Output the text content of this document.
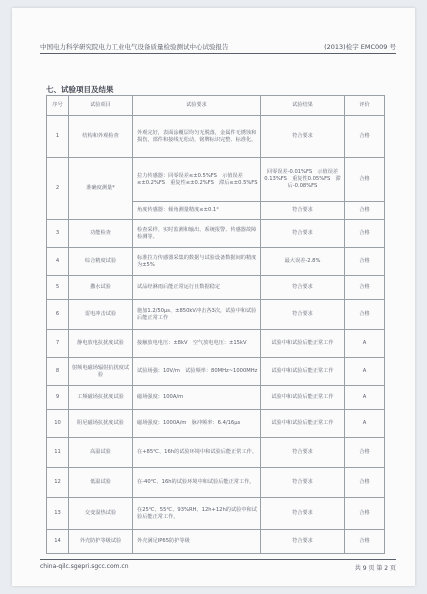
中国电力科学研究院电力工业电气设备质量检验测试中心试验报告	(2013)检字 EMC009 号
七、试验项目及结果
序号	试验项目	试验要求	试验结果	评价
1	结构和外观检查	外观完好，表面涂覆层均匀无脱落，金属件无锈蚀和损伤，部件和接线无松动，铭牌标识完整、标准化。	符合要求	合格
2	准确度测量*	拉力传感器：回零误差≤±0.5%FS　示值误差≤±0.2%FS　重复性≤±0.2%FS　滞后≤±0.5%FS	回零误差-0.01%FS　示值误差0.13%FS　重复性0.05%FS　滞后-0.08%FS	合格
		角度传感器：倾角测量精度≤±0.1°	符合要求	合格
3	功能检查	检查采样、实时监测和输出、系统报警、传感器故障检测等。	符合要求	合格
4	综合精度试验	标准拉力传感器采集的数据与试验设备数据间的精度为±5%	最大误差-2.8%	合格
5	撒水试验	试品经淋雨后能正常运行且数据稳定	符合要求	合格
6	雷电冲击试验	施加1.2/50μs、±850kV冲击各3次，试验中和试验后能正常工作	符合要求	合格
7	静电放电抗扰度试验	接触放电电压：±8kV　空气放电电压：±15kV	试验中和试验后能正常工作	A
8	射频电磁场辐射抗扰度试验	试验场强：10V/m　试验频率：80MHz~1000MHz	试验中和试验后能正常工作	A
9	工频磁场抗扰度试验	磁场强度：100A/m	试验中和试验后能正常工作	A
10	阻尼磁场抗扰度试验	磁场强度：1000A/m　脉冲频率：6.4/16μs	试验中和试验后能正常工作	A
11	高温试验	在+85℃、16h的试验环境中和试验后能正常工作。	符合要求	合格
12	低温试验	在-40℃、16h的试验环境中和试验后能正常工作。	符合要求	合格
13	交变湿热试验	在25℃、55℃、93%RH、12h+12h的试验中和试验后能正常工作。	符合要求	合格
14	外壳防护等级试验	外壳满足IP65防护等级	符合要求	合格
china-qilc.sgepri.sgcc.com.cn	共 9 页 第 2 页
